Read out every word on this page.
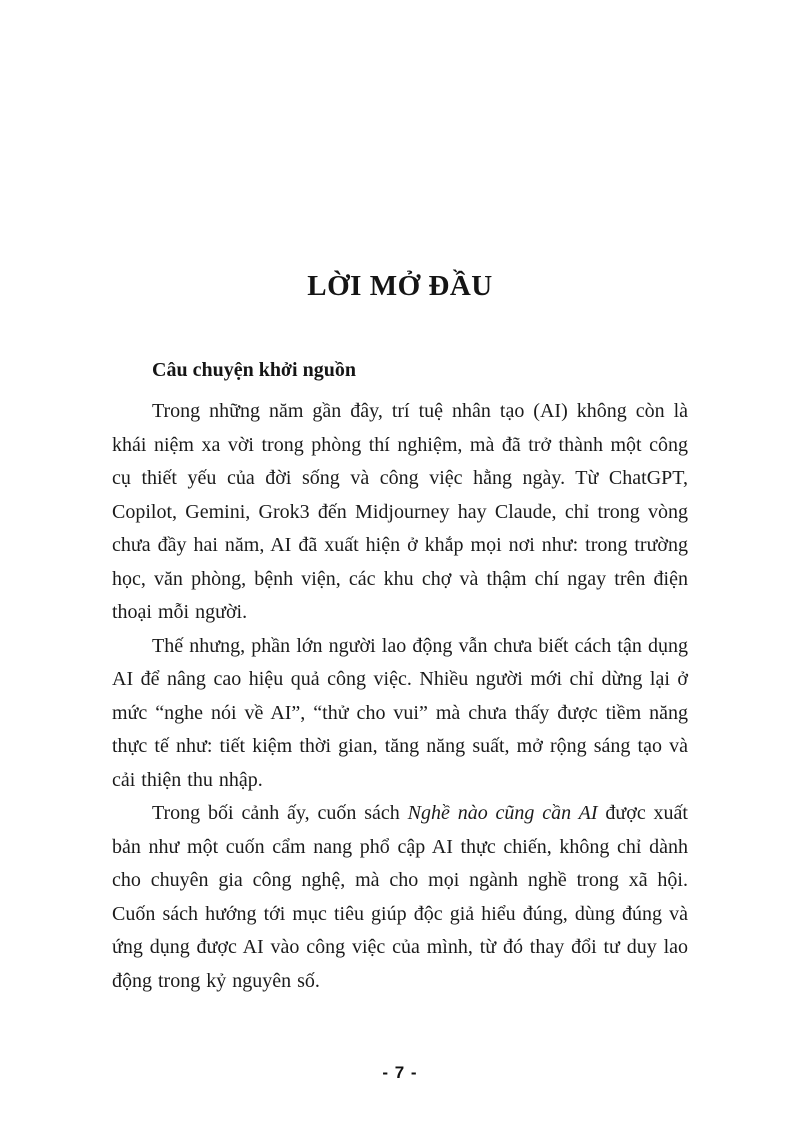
LỜI MỞ ĐẦU
Câu chuyện khởi nguồn

Trong những năm gần đây, trí tuệ nhân tạo (AI) không còn là khái niệm xa vời trong phòng thí nghiệm, mà đã trở thành một công cụ thiết yếu của đời sống và công việc hằng ngày. Từ ChatGPT, Copilot, Gemini, Grok3 đến Midjourney hay Claude, chỉ trong vòng chưa đầy hai năm, AI đã xuất hiện ở khắp mọi nơi như: trong trường học, văn phòng, bệnh viện, các khu chợ và thậm chí ngay trên điện thoại mỗi người.

Thế nhưng, phần lớn người lao động vẫn chưa biết cách tận dụng AI để nâng cao hiệu quả công việc. Nhiều người mới chỉ dừng lại ở mức “nghe nói về AI”, “thử cho vui” mà chưa thấy được tiềm năng thực tế như: tiết kiệm thời gian, tăng năng suất, mở rộng sáng tạo và cải thiện thu nhập.

Trong bối cảnh ấy, cuốn sách Nghề nào cũng cần AI được xuất bản như một cuốn cẩm nang phổ cập AI thực chiến, không chỉ dành cho chuyên gia công nghệ, mà cho mọi ngành nghề trong xã hội. Cuốn sách hướng tới mục tiêu giúp độc giả hiểu đúng, dùng đúng và ứng dụng được AI vào công việc của mình, từ đó thay đổi tư duy lao động trong kỷ nguyên số.

- 7 -
